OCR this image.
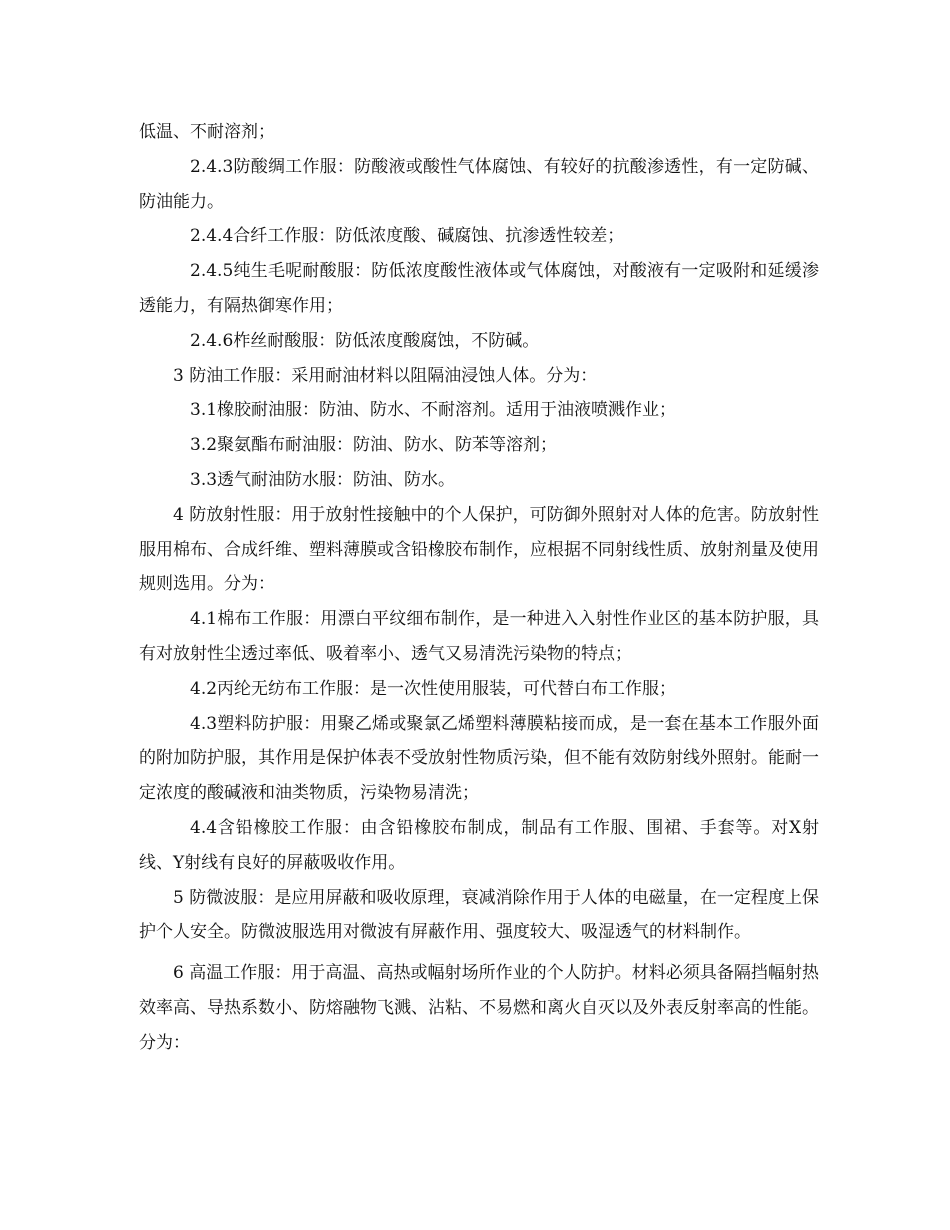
低温、不耐溶剂；

2.4.3防酸绸工作服：防酸液或酸性气体腐蚀、有较好的抗酸渗透性，有一定防碱、防油能力。

2.4.4合纤工作服：防低浓度酸、碱腐蚀、抗渗透性较差；

2.4.5纯生毛呢耐酸服：防低浓度酸性液体或气体腐蚀，对酸液有一定吸附和延缓渗透能力，有隔热御寒作用；

2.4.6柞丝耐酸服：防低浓度酸腐蚀，不防碱。

3 防油工作服：采用耐油材料以阻隔油浸蚀人体。分为：

3.1橡胶耐油服：防油、防水、不耐溶剂。适用于油液喷溅作业；

3.2聚氨酯布耐油服：防油、防水、防苯等溶剂；

3.3透气耐油防水服：防油、防水。

4 防放射性服：用于放射性接触中的个人保护，可防御外照射对人体的危害。防放射性服用棉布、合成纤维、塑料薄膜或含铅橡胶布制作，应根据不同射线性质、放射剂量及使用规则选用。分为：

4.1棉布工作服：用漂白平纹细布制作，是一种进入入射性作业区的基本防护服，具有对放射性尘透过率低、吸着率小、透气又易清洗污染物的特点；

4.2丙纶无纺布工作服：是一次性使用服装，可代替白布工作服；

4.3塑料防护服：用聚乙烯或聚氯乙烯塑料薄膜粘接而成，是一套在基本工作服外面的附加防护服，其作用是保护体表不受放射性物质污染，但不能有效防射线外照射。能耐一定浓度的酸碱液和油类物质，污染物易清洗；

4.4含铅橡胶工作服：由含铅橡胶布制成，制品有工作服、围裙、手套等。对X射线、Y射线有良好的屏蔽吸收作用。

5 防微波服：是应用屏蔽和吸收原理，衰减消除作用于人体的电磁量，在一定程度上保护个人安全。防微波服选用对微波有屏蔽作用、强度较大、吸湿透气的材料制作。

6 高温工作服：用于高温、高热或幅射场所作业的个人防护。材料必须具备隔挡幅射热效率高、导热系数小、防熔融物飞溅、沾粘、不易燃和离火自灭以及外表反射率高的性能。分为：
